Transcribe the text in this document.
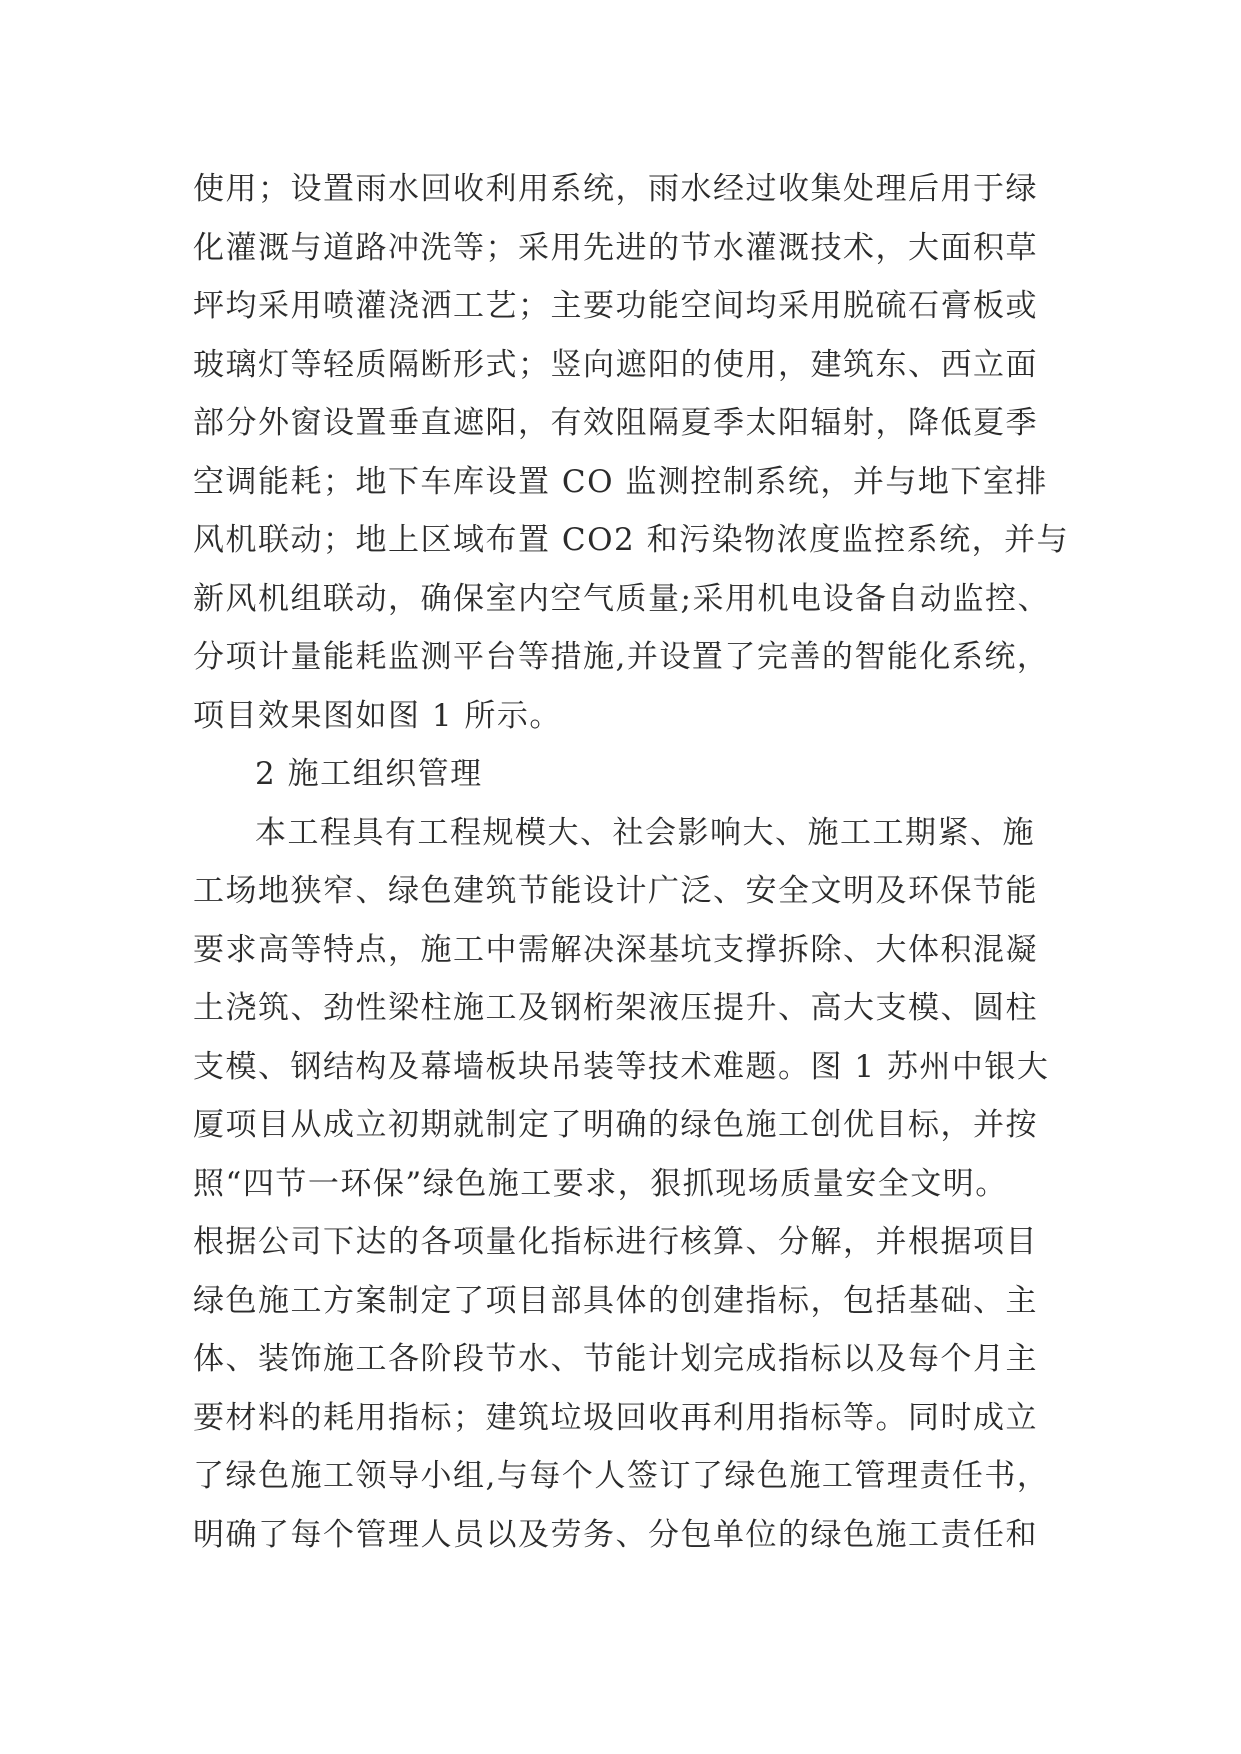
使用；设置雨水回收利用系统，雨水经过收集处理后用于绿
化灌溉与道路冲洗等；采用先进的节水灌溉技术，大面积草
坪均采用喷灌浇洒工艺；主要功能空间均采用脱硫石膏板或
玻璃灯等轻质隔断形式；竖向遮阳的使用，建筑东、西立面
部分外窗设置垂直遮阳，有效阻隔夏季太阳辐射，降低夏季
空调能耗；地下车库设置 CO 监测控制系统，并与地下室排
风机联动；地上区域布置 CO2 和污染物浓度监控系统，并与
新风机组联动，确保室内空气质量;采用机电设备自动监控、
分项计量能耗监测平台等措施,并设置了完善的智能化系统，
项目效果图如图 1 所示。
2 施工组织管理
本工程具有工程规模大、社会影响大、施工工期紧、施
工场地狭窄、绿色建筑节能设计广泛、安全文明及环保节能
要求高等特点，施工中需解决深基坑支撑拆除、大体积混凝
土浇筑、劲性梁柱施工及钢桁架液压提升、高大支模、圆柱
支模、钢结构及幕墙板块吊装等技术难题。图 1 苏州中银大
厦项目从成立初期就制定了明确的绿色施工创优目标，并按
照“四节一环保”绿色施工要求，狠抓现场质量安全文明。
根据公司下达的各项量化指标进行核算、分解，并根据项目
绿色施工方案制定了项目部具体的创建指标，包括基础、主
体、装饰施工各阶段节水、节能计划完成指标以及每个月主
要材料的耗用指标；建筑垃圾回收再利用指标等。同时成立
了绿色施工领导小组,与每个人签订了绿色施工管理责任书，
明确了每个管理人员以及劳务、分包单位的绿色施工责任和
